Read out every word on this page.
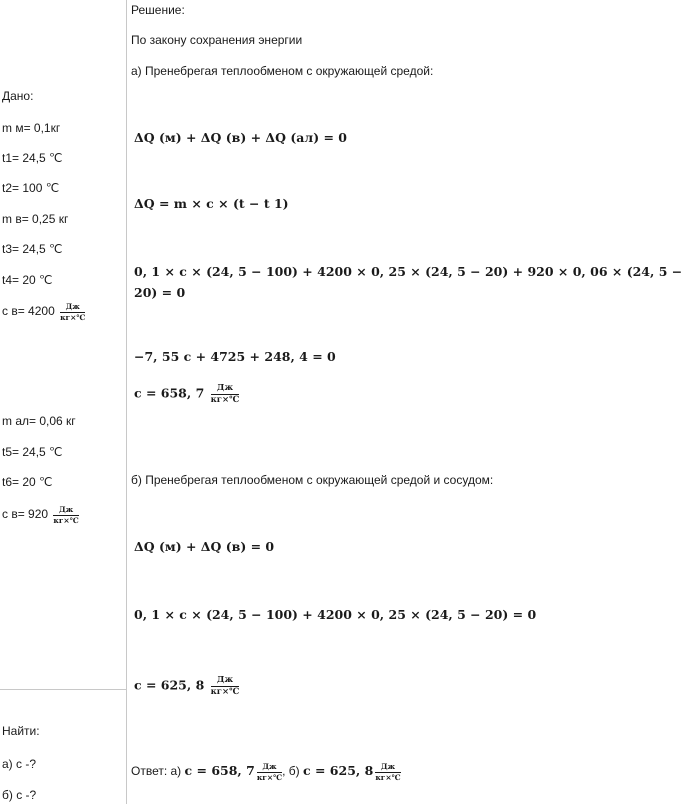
Дано:
m м= 0,1кг
t1= 24,5 ℃
t2= 100 ℃
m в= 0,25 кг
t3= 24,5 ℃
t4= 20 ℃
c $в= 4200 \frac{Дж}{кг\times℃}$
m ал= 0,06 кг
t5= 24,5 ℃
t6= 20 ℃
с $в= 920 \frac{Дж}{кг\times℃}$
Найти:
а) с -?
б) с -?
Решение:
По закону сохранения энергии
а) Пренебрегая теплообменом с окружающей средой:
ΔQ (м) + ΔQ (в) + ΔQ (ал) = 0
ΔQ = m × c × (t − t 1)
0, 1 × c × (24, 5 − 100) + 4200 × 0, 25 × (24, 5 − 20) + 920 × 0, 06 × (24, 5 −
20) = 0
−7, 55 c + 4725 + 248, 4 = 0
c = 658, $7 \frac{Дж}{кг\times℃}$
б) Пренебрегая теплообменом с окружающей средой и сосудом:
ΔQ (м) + ΔQ (в) = 0
0, 1 × c × (24, 5 − 100) + 4200 × 0, 25 × (24, 5 − 20) = 0
c = 625, $8 \frac{Дж}{кг\times℃}$
Ответ: а) c = 658, $7 \frac{Дж}{кг\times℃}$ , б) c = 625, $8 \frac{Дж}{кг\times℃}$
